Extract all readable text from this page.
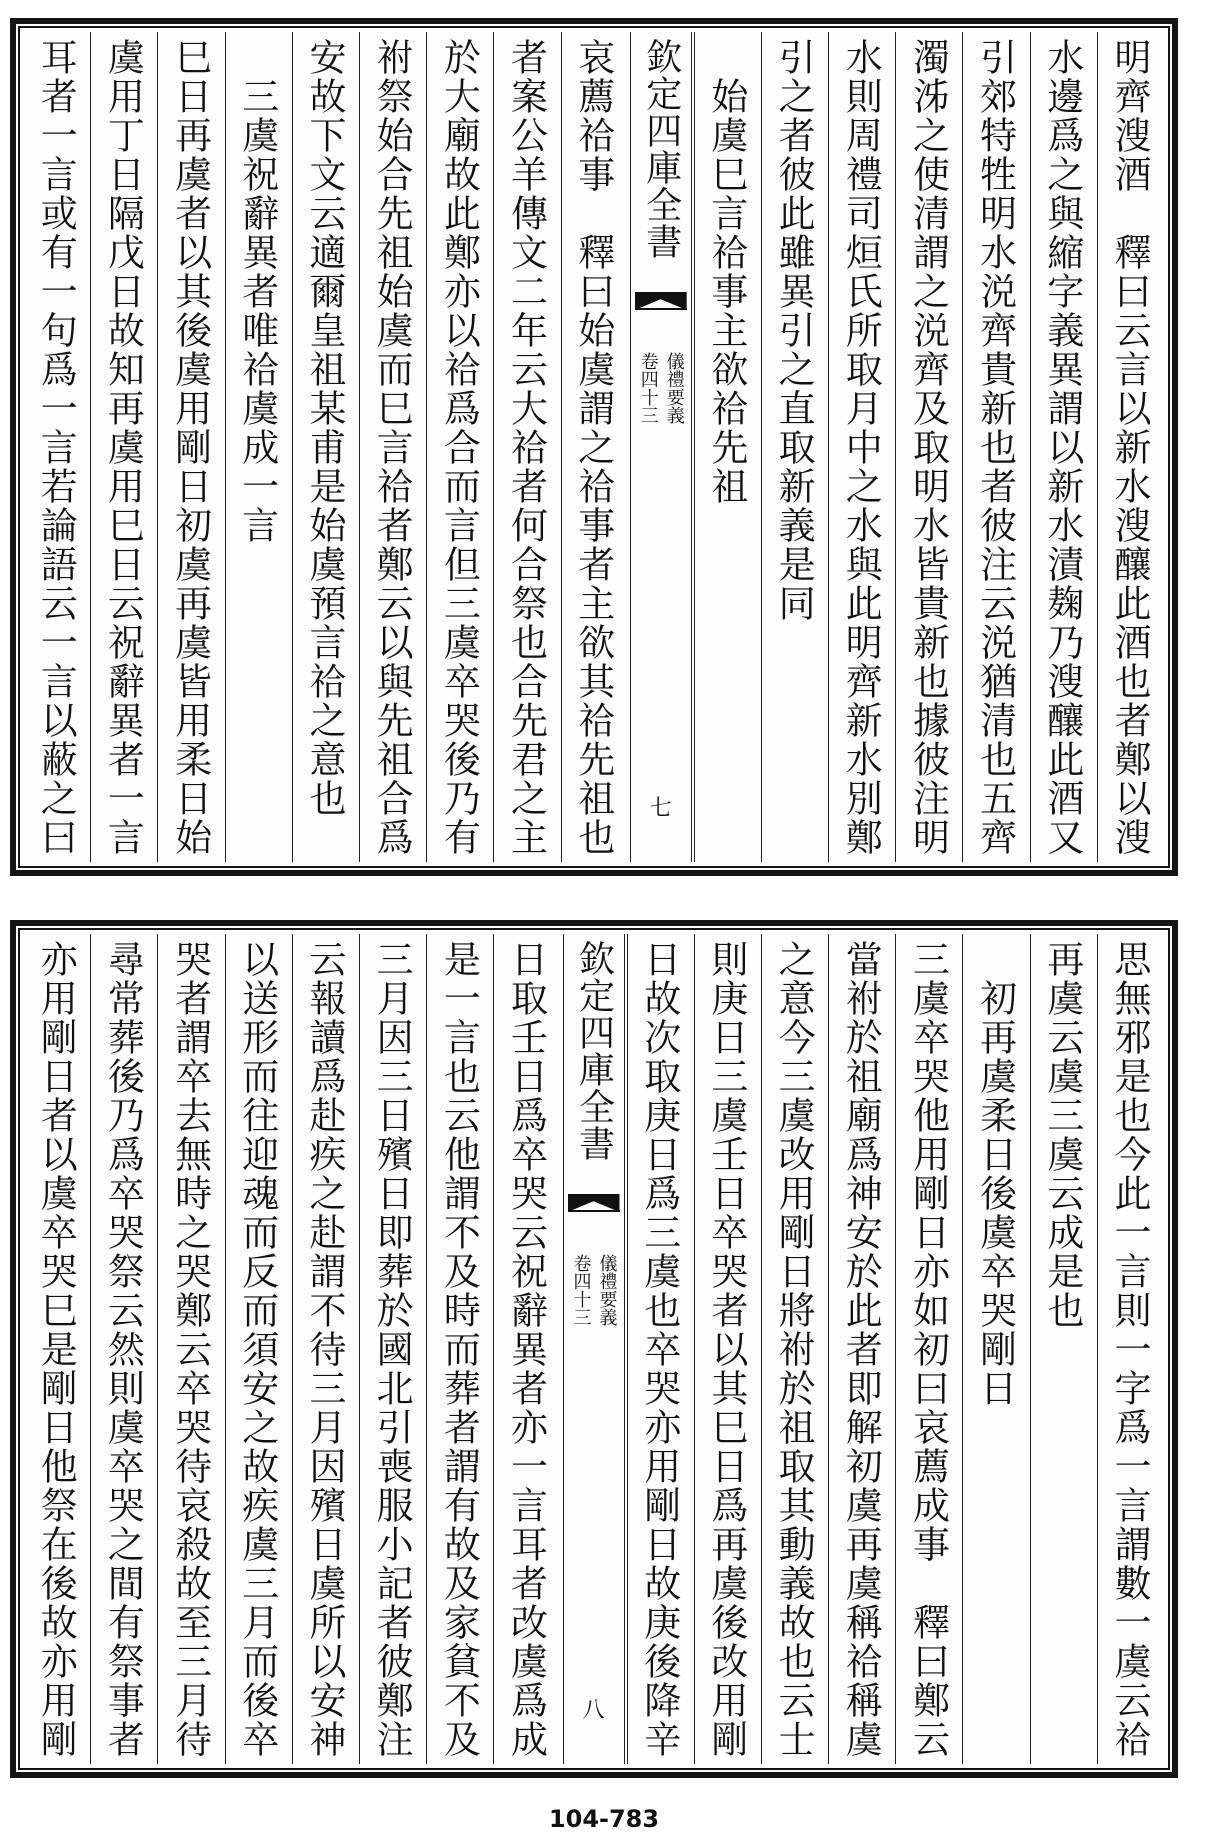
明齊溲酒　釋曰云言以新水溲釀此酒也者鄭以溲
水邊爲之與縮字義異謂以新水漬麹乃溲釀此酒又
引郊特牲明水涚齊貴新也者彼注云涚猶清也五齊
濁泲之使清謂之涚齊及取明水皆貴新也據彼注明
水則周禮司烜氏所取月中之水與此明齊新水別鄭
引之者彼此雖異引之直取新義是同
　始虞巳言祫事主欲祫先祖
欽定四庫全書
儀禮要義
卷四十三
七
哀薦祫事　釋曰始虞謂之祫事者主欲其祫先祖也
者案公羊傳文二年云大祫者何合祭也合先君之主
於大廟故此鄭亦以祫爲合而言但三虞卒哭後乃有
祔祭始合先祖始虞而巳言祫者鄭云以與先祖合爲
安故下文云適爾皇祖某甫是始虞預言祫之意也
　三虞祝辭異者唯祫虞成一言
巳日再虞者以其後虞用剛日初虞再虞皆用柔日始
虞用丁日隔戊日故知再虞用巳日云祝辭異者一言
耳者一言或有一句爲一言若論語云一言以蔽之曰
思無邪是也今此一言則一字爲一言謂數一虞云祫
再虞云虞三虞云成是也
　初再虞柔日後虞卒哭剛日
三虞卒哭他用剛日亦如初曰哀薦成事　釋曰鄭云
當祔於祖廟爲神安於此者即解初虞再虞稱祫稱虞
之意今三虞改用剛日將祔於祖取其動義故也云士
則庚日三虞壬日卒哭者以其巳日爲再虞後改用剛
日故次取庚日爲三虞也卒哭亦用剛日故庚後降辛
欽定四庫全書
儀禮要義
卷四十三
八
日取壬日爲卒哭云祝辭異者亦一言耳者改虞爲成
是一言也云他謂不及時而葬者謂有故及家貧不及
三月因三日殯日即葬於國北引喪服小記者彼鄭注
云報讀爲赴疾之赴謂不待三月因殯日虞所以安神
以送形而往迎魂而反而須安之故疾虞三月而後卒
哭者謂卒去無時之哭鄭云卒哭待哀殺故至三月待
尋常葬後乃爲卒哭祭云然則虞卒哭之間有祭事者
亦用剛日者以虞卒哭巳是剛日他祭在後故亦用剛
104-783
